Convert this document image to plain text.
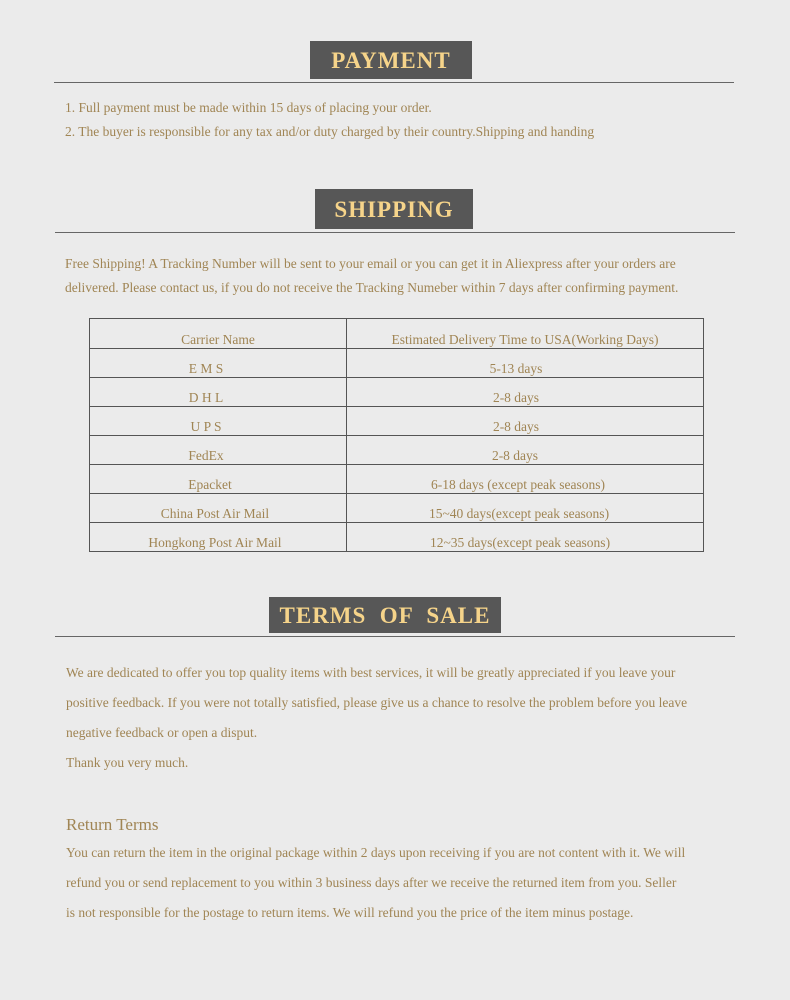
PAYMENT
1. Full payment must be made within 15 days of placing your order.
2. The buyer is responsible for any tax and/or duty charged by their country.Shipping and handing
SHIPPING
Free Shipping! A Tracking Number will be sent to your email or you can get it in Aliexpress after your orders are
delivered. Please contact us, if you do not receive the Tracking Numeber within 7 days after confirming payment.
Carrier Name	Estimated Delivery Time to USA(Working Days)
E M S	5-13 days
D H L	2-8 days
U P S	2-8 days
FedEx	2-8 days
Epacket	6-18 days (except peak seasons)
China Post Air Mail	15~40 days(except peak seasons)
Hongkong Post Air Mail	12~35 days(except peak seasons)
TERMS  OF  SALE
We are dedicated to offer you top quality items with best services, it will be greatly appreciated if you leave your
positive feedback. If you were not totally satisfied, please give us a chance to resolve the problem before you leave
negative feedback or open a disput.
Thank you very much.
Return Terms
You can return the item in the original package within 2 days upon receiving if you are not content with it. We will
refund you or send replacement to you within 3 business days after we receive the returned item from you. Seller
is not responsible for the postage to return items. We will refund you the price of the item minus postage.
